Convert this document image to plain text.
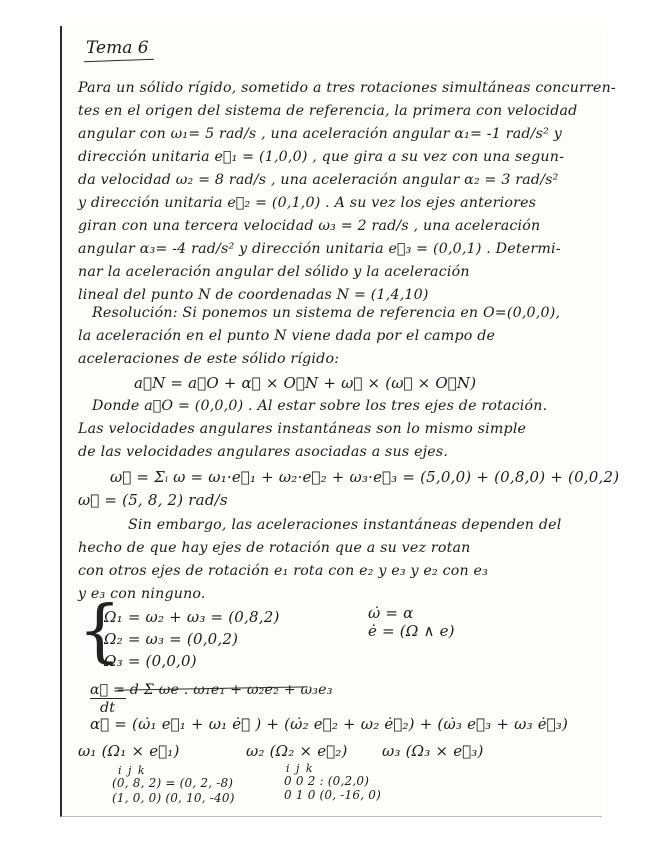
Tema 6
Para un sólido rígido, sometido a tres rotaciones simultáneas concurren-
tes en el origen del sistema de referencia, la primera con velocidad
angular con ω₁= 5 rad/s , una aceleración angular α₁= -1 rad/s² y
dirección unitaria e⃗₁ = (1,0,0) , que gira a su vez con una segun-
da velocidad ω₂ = 8 rad/s , una aceleración angular α₂ = 3 rad/s²
y dirección unitaria e⃗₂ = (0,1,0) . A su vez los ejes anteriores
giran con una tercera velocidad ω₃ = 2 rad/s , una aceleración
angular α₃= -4 rad/s² y dirección unitaria e⃗₃ = (0,0,1) . Determi-
nar la aceleración angular del sólido y la aceleración
lineal del punto N de coordenadas N = (1,4,10)
Resolución: Si ponemos un sistema de referencia en O=(0,0,0),
la aceleración en el punto N viene dada por el campo de
aceleraciones de este sólido rígido:
a⃗N = a⃗O + α⃗ × O⃗N + ω⃗ × (ω⃗ × O⃗N)
Donde a⃗O = (0,0,0) . Al estar sobre los tres ejes de rotación.
Las velocidades angulares instantáneas son lo mismo simple
de las velocidades angulares asociadas a sus ejes.
ω⃗ = Σᵢ ω = ω₁·e⃗₁ + ω₂·e⃗₂ + ω₃·e⃗₃ = (5,0,0) + (0,8,0) + (0,0,2)
ω⃗ = (5, 8, 2) rad/s
Sin embargo, las aceleraciones instantáneas dependen del
hecho de que hay ejes de rotación que a su vez rotan
con otros ejes de rotación e₁ rota con e₂ y e₃ y e₂ con e₃
y e₃ con ninguno.
{
Ω₁ = ω₂ + ω₃ = (0,8,2)
Ω₂ = ω₃ = (0,0,2)
Ω₃ = (0,0,0)
ω̇ = α
ė = (Ω ∧ e)
α⃗ = d Σ ωe . ω₁e₁ + ω₂e₂ + ω₃e₃
dt
α⃗ = (ω̇₁ e⃗₁ + ω₁ ė⃗ ) + (ω̇₂ e⃗₂ + ω₂ ė⃗₂) + (ω̇₃ e⃗₃ + ω₃ ė⃗₃)
ω₁ (Ω₁ × e⃗₁)	ω₂ (Ω₂ × e⃗₂) ω₃ (Ω₃ × e⃗₃)
i j k
(0, 8, 2) = (0, 2, -8)
(1, 0, 0) (0, 10, -40)
i j k
0 0 2 : (0,2,0)
0 1 0 (0, -16, 0)
